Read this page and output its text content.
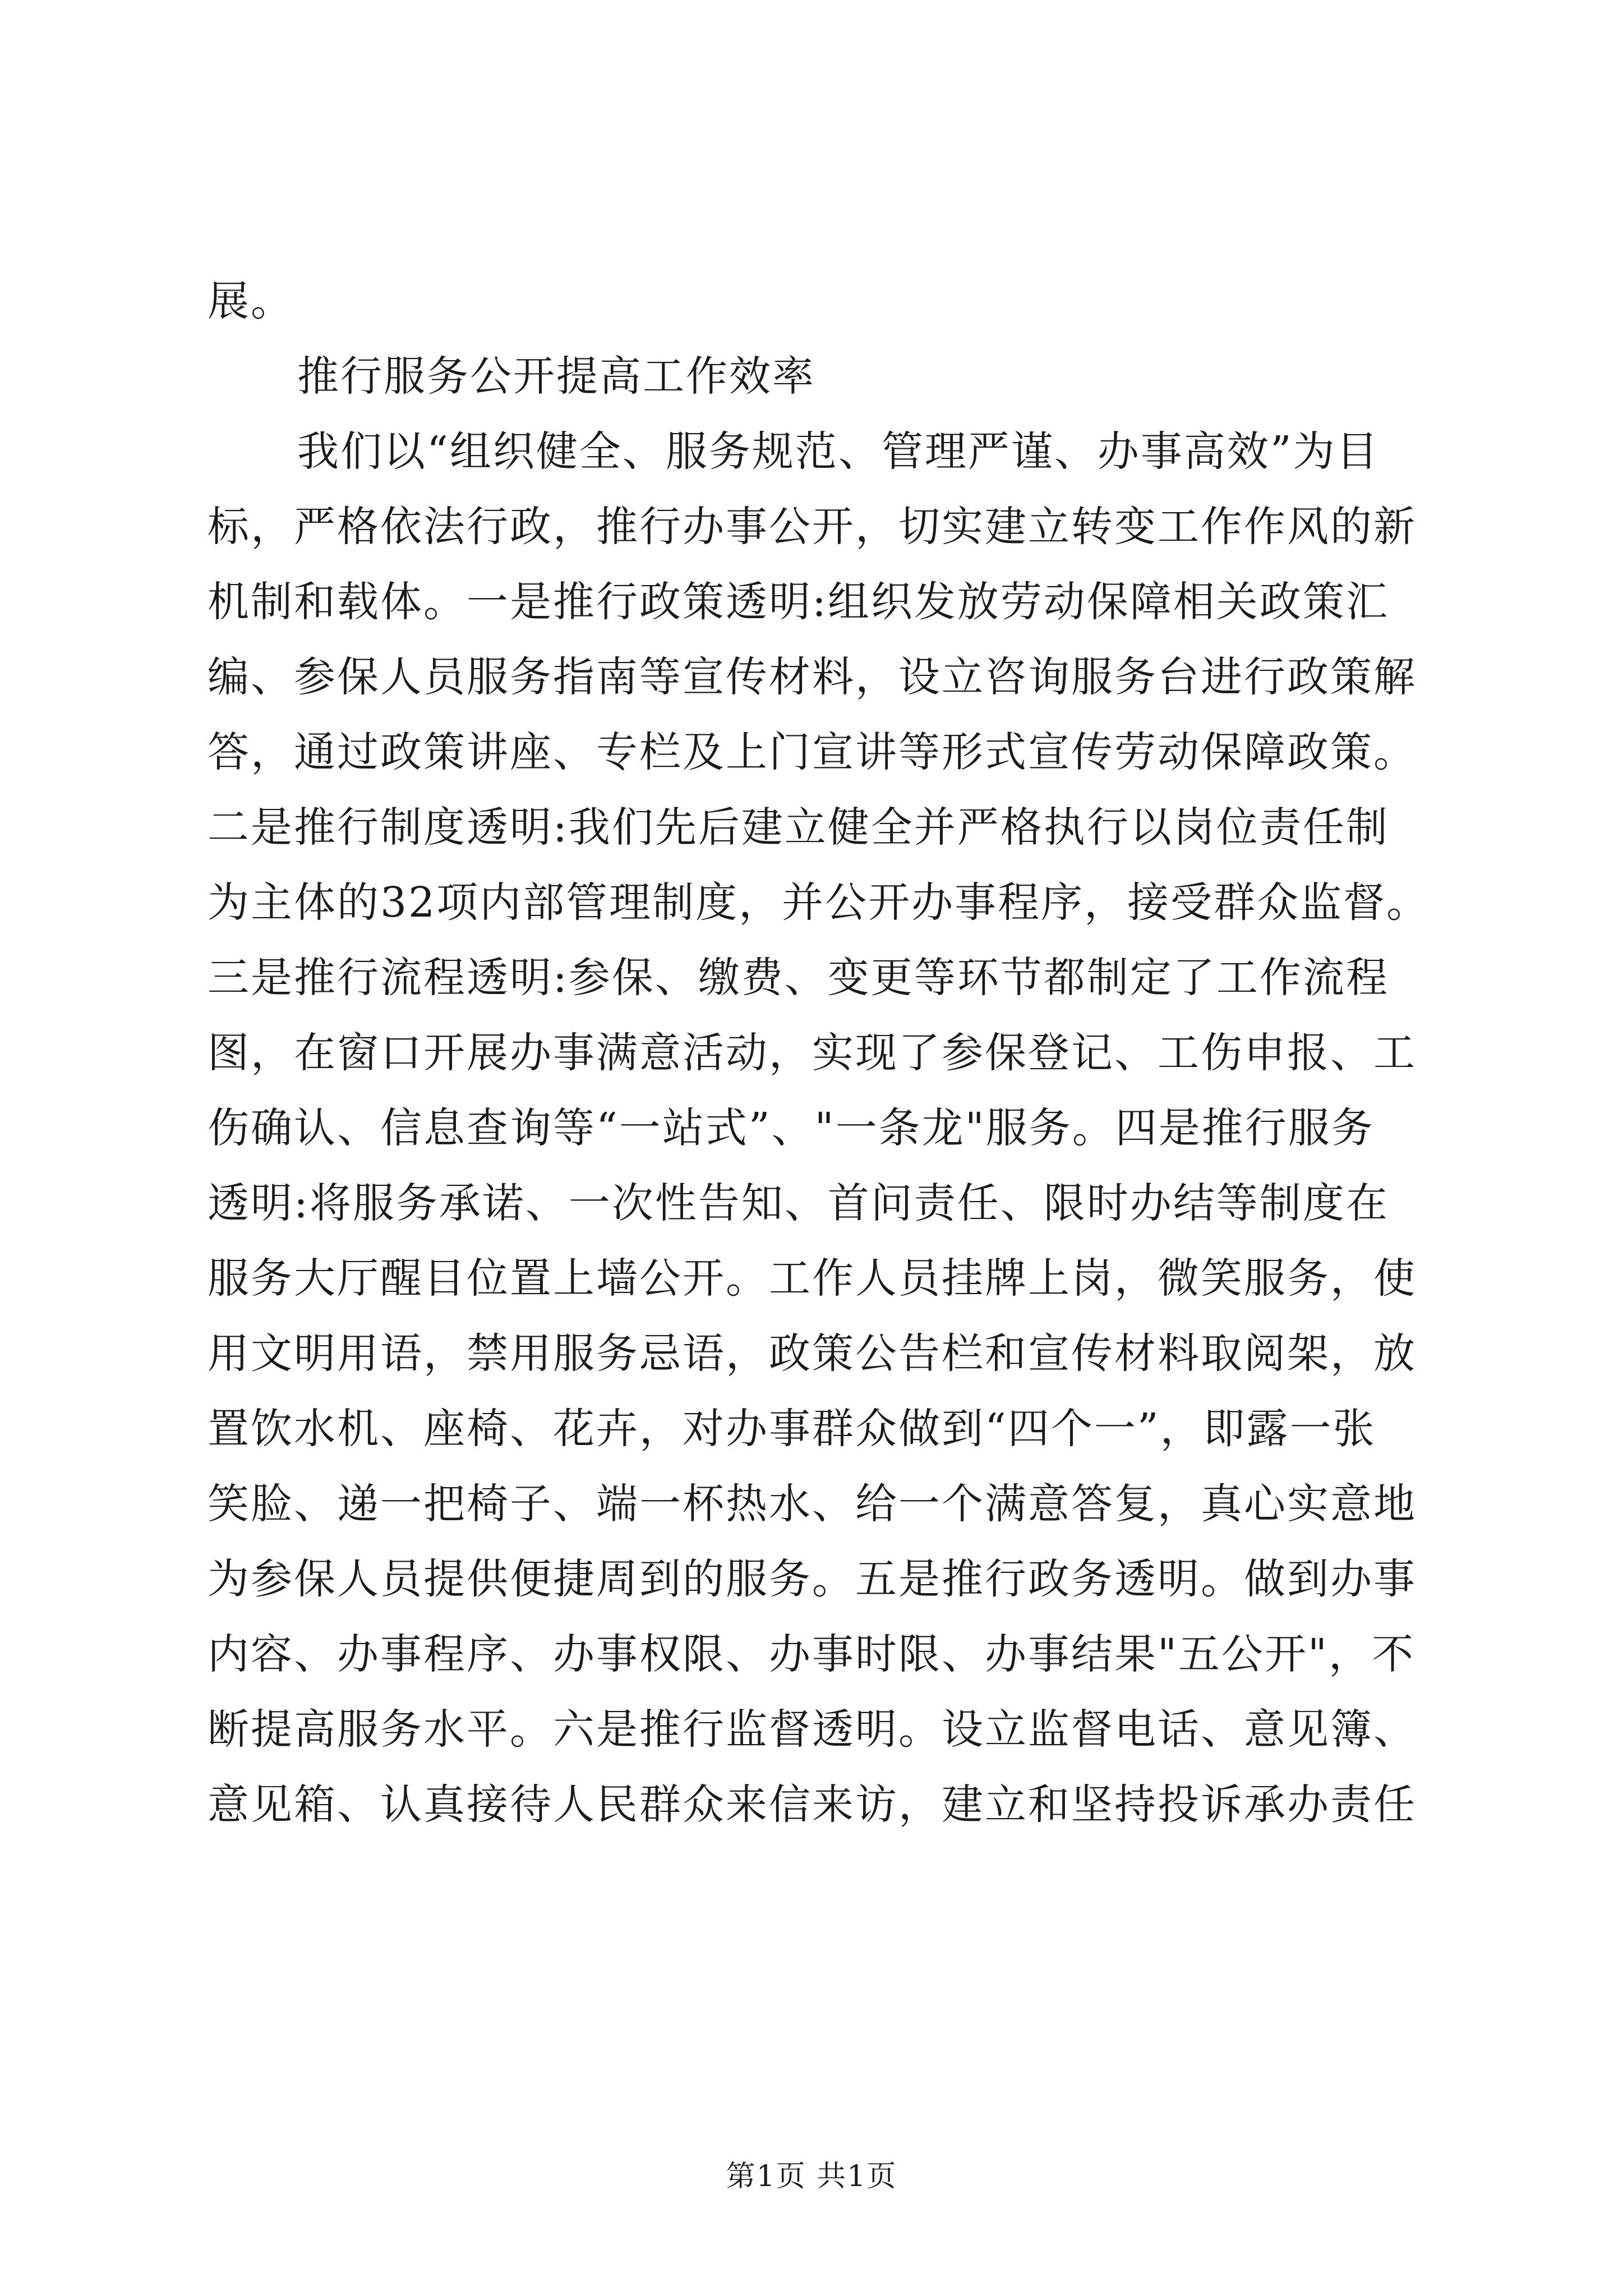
展。
推行服务公开提高工作效率
我们以“组织健全、服务规范、管理严谨、办事高效”为目
标，严格依法行政，推行办事公开，切实建立转变工作作风的新
机制和载体。一是推行政策透明:组织发放劳动保障相关政策汇
编、参保人员服务指南等宣传材料，设立咨询服务台进行政策解
答，通过政策讲座、专栏及上门宣讲等形式宣传劳动保障政策。
二是推行制度透明:我们先后建立健全并严格执行以岗位责任制
为主体的32项内部管理制度，并公开办事程序，接受群众监督。
三是推行流程透明:参保、缴费、变更等环节都制定了工作流程
图，在窗口开展办事满意活动，实现了参保登记、工伤申报、工
伤确认、信息查询等“一站式”、"一条龙"服务。四是推行服务
透明:将服务承诺、一次性告知、首问责任、限时办结等制度在
服务大厅醒目位置上墙公开。工作人员挂牌上岗，微笑服务，使
用文明用语，禁用服务忌语，政策公告栏和宣传材料取阅架，放
置饮水机、座椅、花卉，对办事群众做到“四个一”，即露一张
笑脸、递一把椅子、端一杯热水、给一个满意答复，真心实意地
为参保人员提供便捷周到的服务。五是推行政务透明。做到办事
内容、办事程序、办事权限、办事时限、办事结果"五公开"，不
断提高服务水平。六是推行监督透明。设立监督电话、意见簿、
意见箱、认真接待人民群众来信来访，建立和坚持投诉承办责任
第1页 共1页
